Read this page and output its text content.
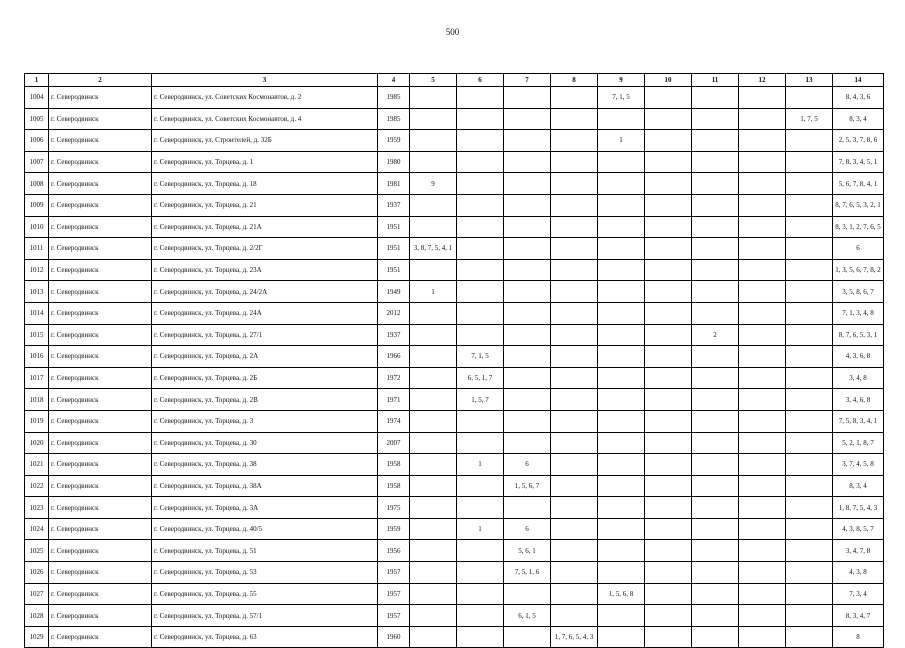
500
1	2	3	4	5	6	7	8	9	10	11	12	13	14
1004	г. Северодвинск	г. Северодвинск, ул. Советских Космонавтов, д. 2	1985					7, 1, 5					8, 4, 3, 6
1005	г. Северодвинск	г. Северодвинск, ул. Советских Космонавтов, д. 4	1985									1, 7, 5	8, 3, 4
1006	г. Северодвинск	г. Северодвинск, ул. Строителей, д. 32Б	1959					1					2, 5, 3, 7, 8, 6
1007	г. Северодвинск	г. Северодвинск, ул. Торцева, д. 1	1980										7, 8, 3, 4, 5, 1
1008	г. Северодвинск	г. Северодвинск, ул. Торцева, д. 18	1981	9									5, 6, 7, 8, 4, 1
1009	г. Северодвинск	г. Северодвинск, ул. Торцева, д. 21	1937										8, 7, 6, 5, 3, 2, 1
1010	г. Северодвинск	г. Северодвинск, ул. Торцева, д. 21А	1951										8, 3, 1, 2, 7, 6, 5
1011	г. Северодвинск	г. Северодвинск, ул. Торцева, д. 2/2Г	1951	3, 8, 7, 5, 4, 1									6
1012	г. Северодвинск	г. Северодвинск, ул. Торцева, д. 23А	1951										1, 3, 5, 6, 7, 8, 2
1013	г. Северодвинск	г. Северодвинск, ул. Торцева, д. 24/2А	1949	1									3, 5, 8, 6, 7
1014	г. Северодвинск	г. Северодвинск, ул. Торцева, д. 24А	2012										7, 1, 3, 4, 8
1015	г. Северодвинск	г. Северодвинск, ул. Торцева, д. 27/1	1937							2			8, 7, 6, 5, 3, 1
1016	г. Северодвинск	г. Северодвинск, ул. Торцева, д. 2А	1966		7, 1, 5								4, 3, 6, 8
1017	г. Северодвинск	г. Северодвинск, ул. Торцева, д. 2Б	1972		6, 5, 1, 7								3, 4, 8
1018	г. Северодвинск	г. Северодвинск, ул. Торцева, д. 2В	1971		1, 5, 7								3, 4, 6, 8
1019	г. Северодвинск	г. Северодвинск, ул. Торцева, д. 3	1974										7, 5, 8, 3, 4, 1
1020	г. Северодвинск	г. Северодвинск, ул. Торцева, д. 30	2007										5, 2, 1, 8, 7
1021	г. Северодвинск	г. Северодвинск, ул. Торцева, д. 38	1958		1	6							3, 7, 4, 5, 8
1022	г. Северодвинск	г. Северодвинск, ул. Торцева, д. 38А	1958			1, 5, 6, 7							8, 3, 4
1023	г. Северодвинск	г. Северодвинск, ул. Торцева, д. 3А	1975										1, 8, 7, 5, 4, 3
1024	г. Северодвинск	г. Северодвинск, ул. Торцева, д. 40/5	1959		1	6							4, 3, 8, 5, 7
1025	г. Северодвинск	г. Северодвинск, ул. Торцева, д. 51	1956			5, 6, 1							3, 4, 7, 8
1026	г. Северодвинск	г. Северодвинск, ул. Торцева, д. 53	1957			7, 5, 1, 6							4, 3, 8
1027	г. Северодвинск	г. Северодвинск, ул. Торцева, д. 55	1957					1, 5, 6, 8					7, 3, 4
1028	г. Северодвинск	г. Северодвинск, ул. Торцева, д. 57/1	1957			6, 1, 5							8, 3, 4, 7
1029	г. Северодвинск	г. Северодвинск, ул. Торцева, д. 63	1960				1, 7, 6, 5, 4, 3						8
